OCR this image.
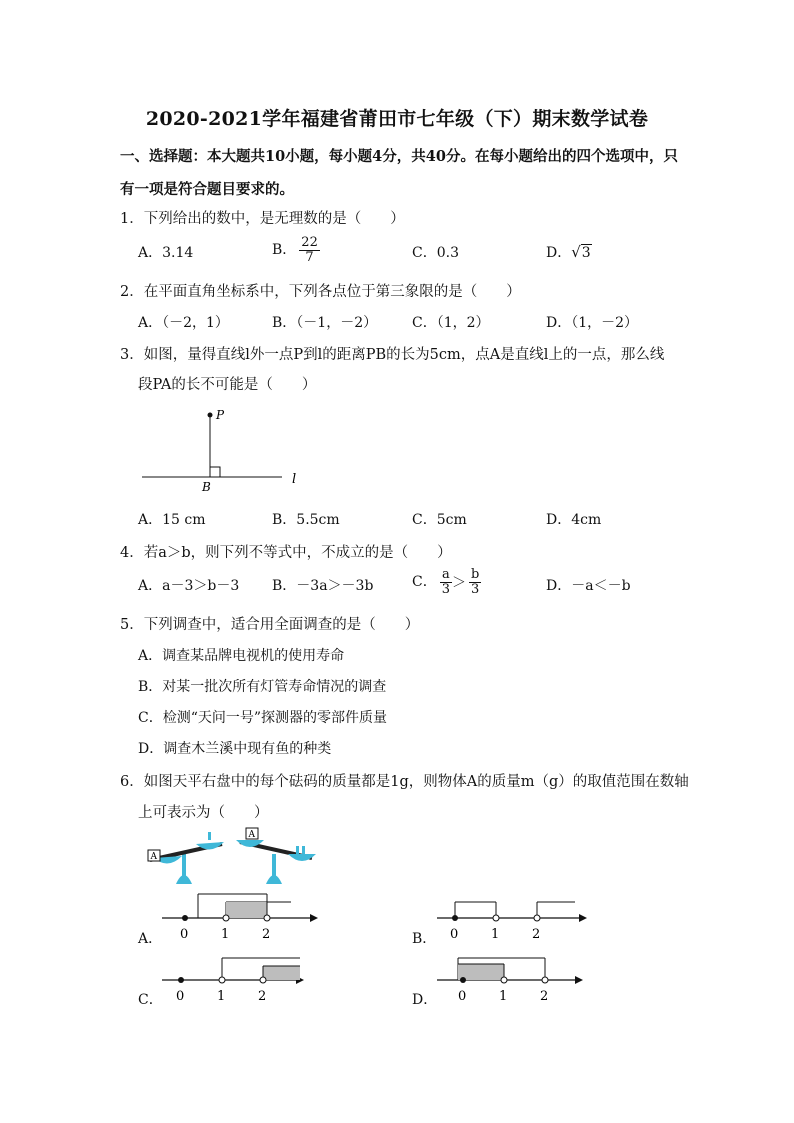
2020-2021学年福建省莆田市七年级（下）期末数学试卷
一、选择题：本大题共10小题，每小题4分，共40分。在每小题给出的四个选项中，只
有一项是符合题目要求的。
1．下列给出的数中，是无理数的是（　　）
A．3.14	B． $\frac{22}{7}$	C．0.3	D．√3
2．在平面直角坐标系中，下列各点位于第三象限的是（　　）
A．（－2，1）	B．（－1，－2） C．（1，2）	D．（1，－2）
3．如图，量得直线l外一点P到l的距离PB的长为5cm，点A是直线l上的一点，那么线
段PA的长不可能是（　　）
P
B	l
A．15 cm	B．5.5cm	C．5cm	D．4cm
4．若a＞b，则下列不等式中，不成立的是（　　）
A．a－3＞b－3 B．－3a＞－3b	C． $\frac{a}{3} > \frac{b}{3}$	D．－a＜－b
5．下列调查中，适合用全面调查的是（　　）
A．调查某品牌电视机的使用寿命
B．对某一批次所有灯管寿命情况的调查
C．检测“天问一号”探测器的零部件质量
D．调查木兰溪中现有鱼的种类
6．如图天平右盘中的每个砝码的质量都是1g，则物体A的质量m（g）的取值范围在数轴
上可表示为（　　）
A
A
A． 0	1	2	B． 0	1	2
C． 0	1	2	D． 0	1	2
